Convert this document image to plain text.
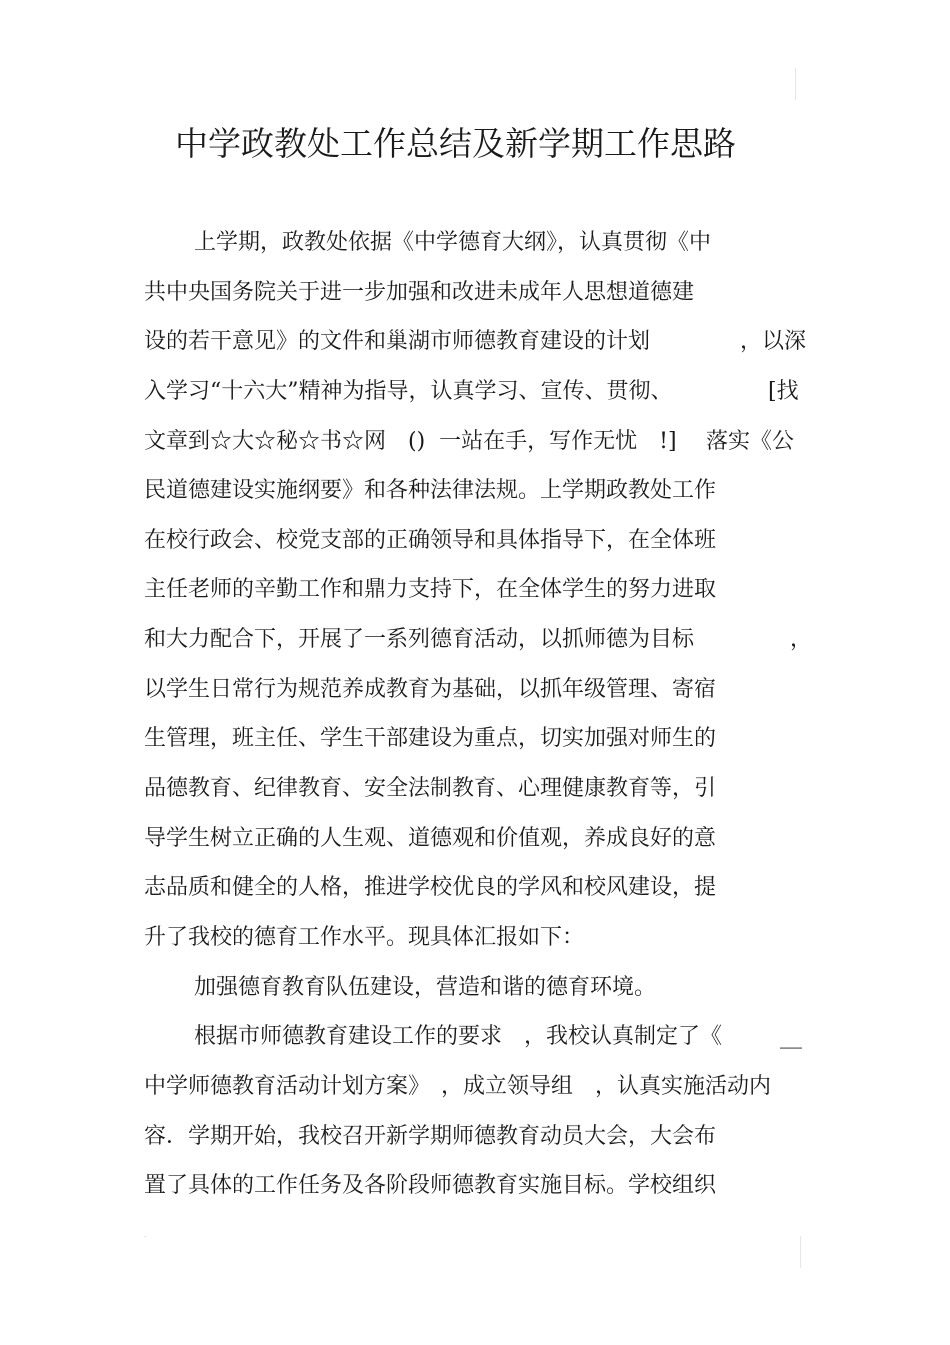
中学政教处工作总结及新学期工作思路
上学期，政教处依据《中学德育大纲》，认真贯彻《中
共中央国务院关于进一步加强和改进未成年人思想道德建
设的若干意见》的文件和巢湖市师德教育建设的计划	，以深
入学习“十六大”精神为指导，认真学习、宣传、贯彻、	[找
文章到☆大☆秘☆书☆网　()  一站在手，写作无忧　!] 落实《公
民道德建设实施纲要》和各种法律法规。上学期政教处工作
在校行政会、校党支部的正确领导和具体指导下，在全体班
主任老师的辛勤工作和鼎力支持下，在全体学生的努力进取
和大力配合下，开展了一系列德育活动，以抓师德为目标	，
以学生日常行为规范养成教育为基础，以抓年级管理、寄宿
生管理，班主任、学生干部建设为重点，切实加强对师生的
品德教育、纪律教育、安全法制教育、心理健康教育等，引
导学生树立正确的人生观、道德观和价值观，养成良好的意
志品质和健全的人格，推进学校优良的学风和校风建设，提
升了我校的德育工作水平。现具体汇报如下：
加强德育教育队伍建设，营造和谐的德育环境。
根据市师德教育建设工作的要求　，我校认真制定了《	__
中学师德教育活动计划方案》　，成立领导组　，认真实施活动内
容．学期开始，我校召开新学期师德教育动员大会，大会布
置了具体的工作任务及各阶段师德教育实施目标。学校组织
